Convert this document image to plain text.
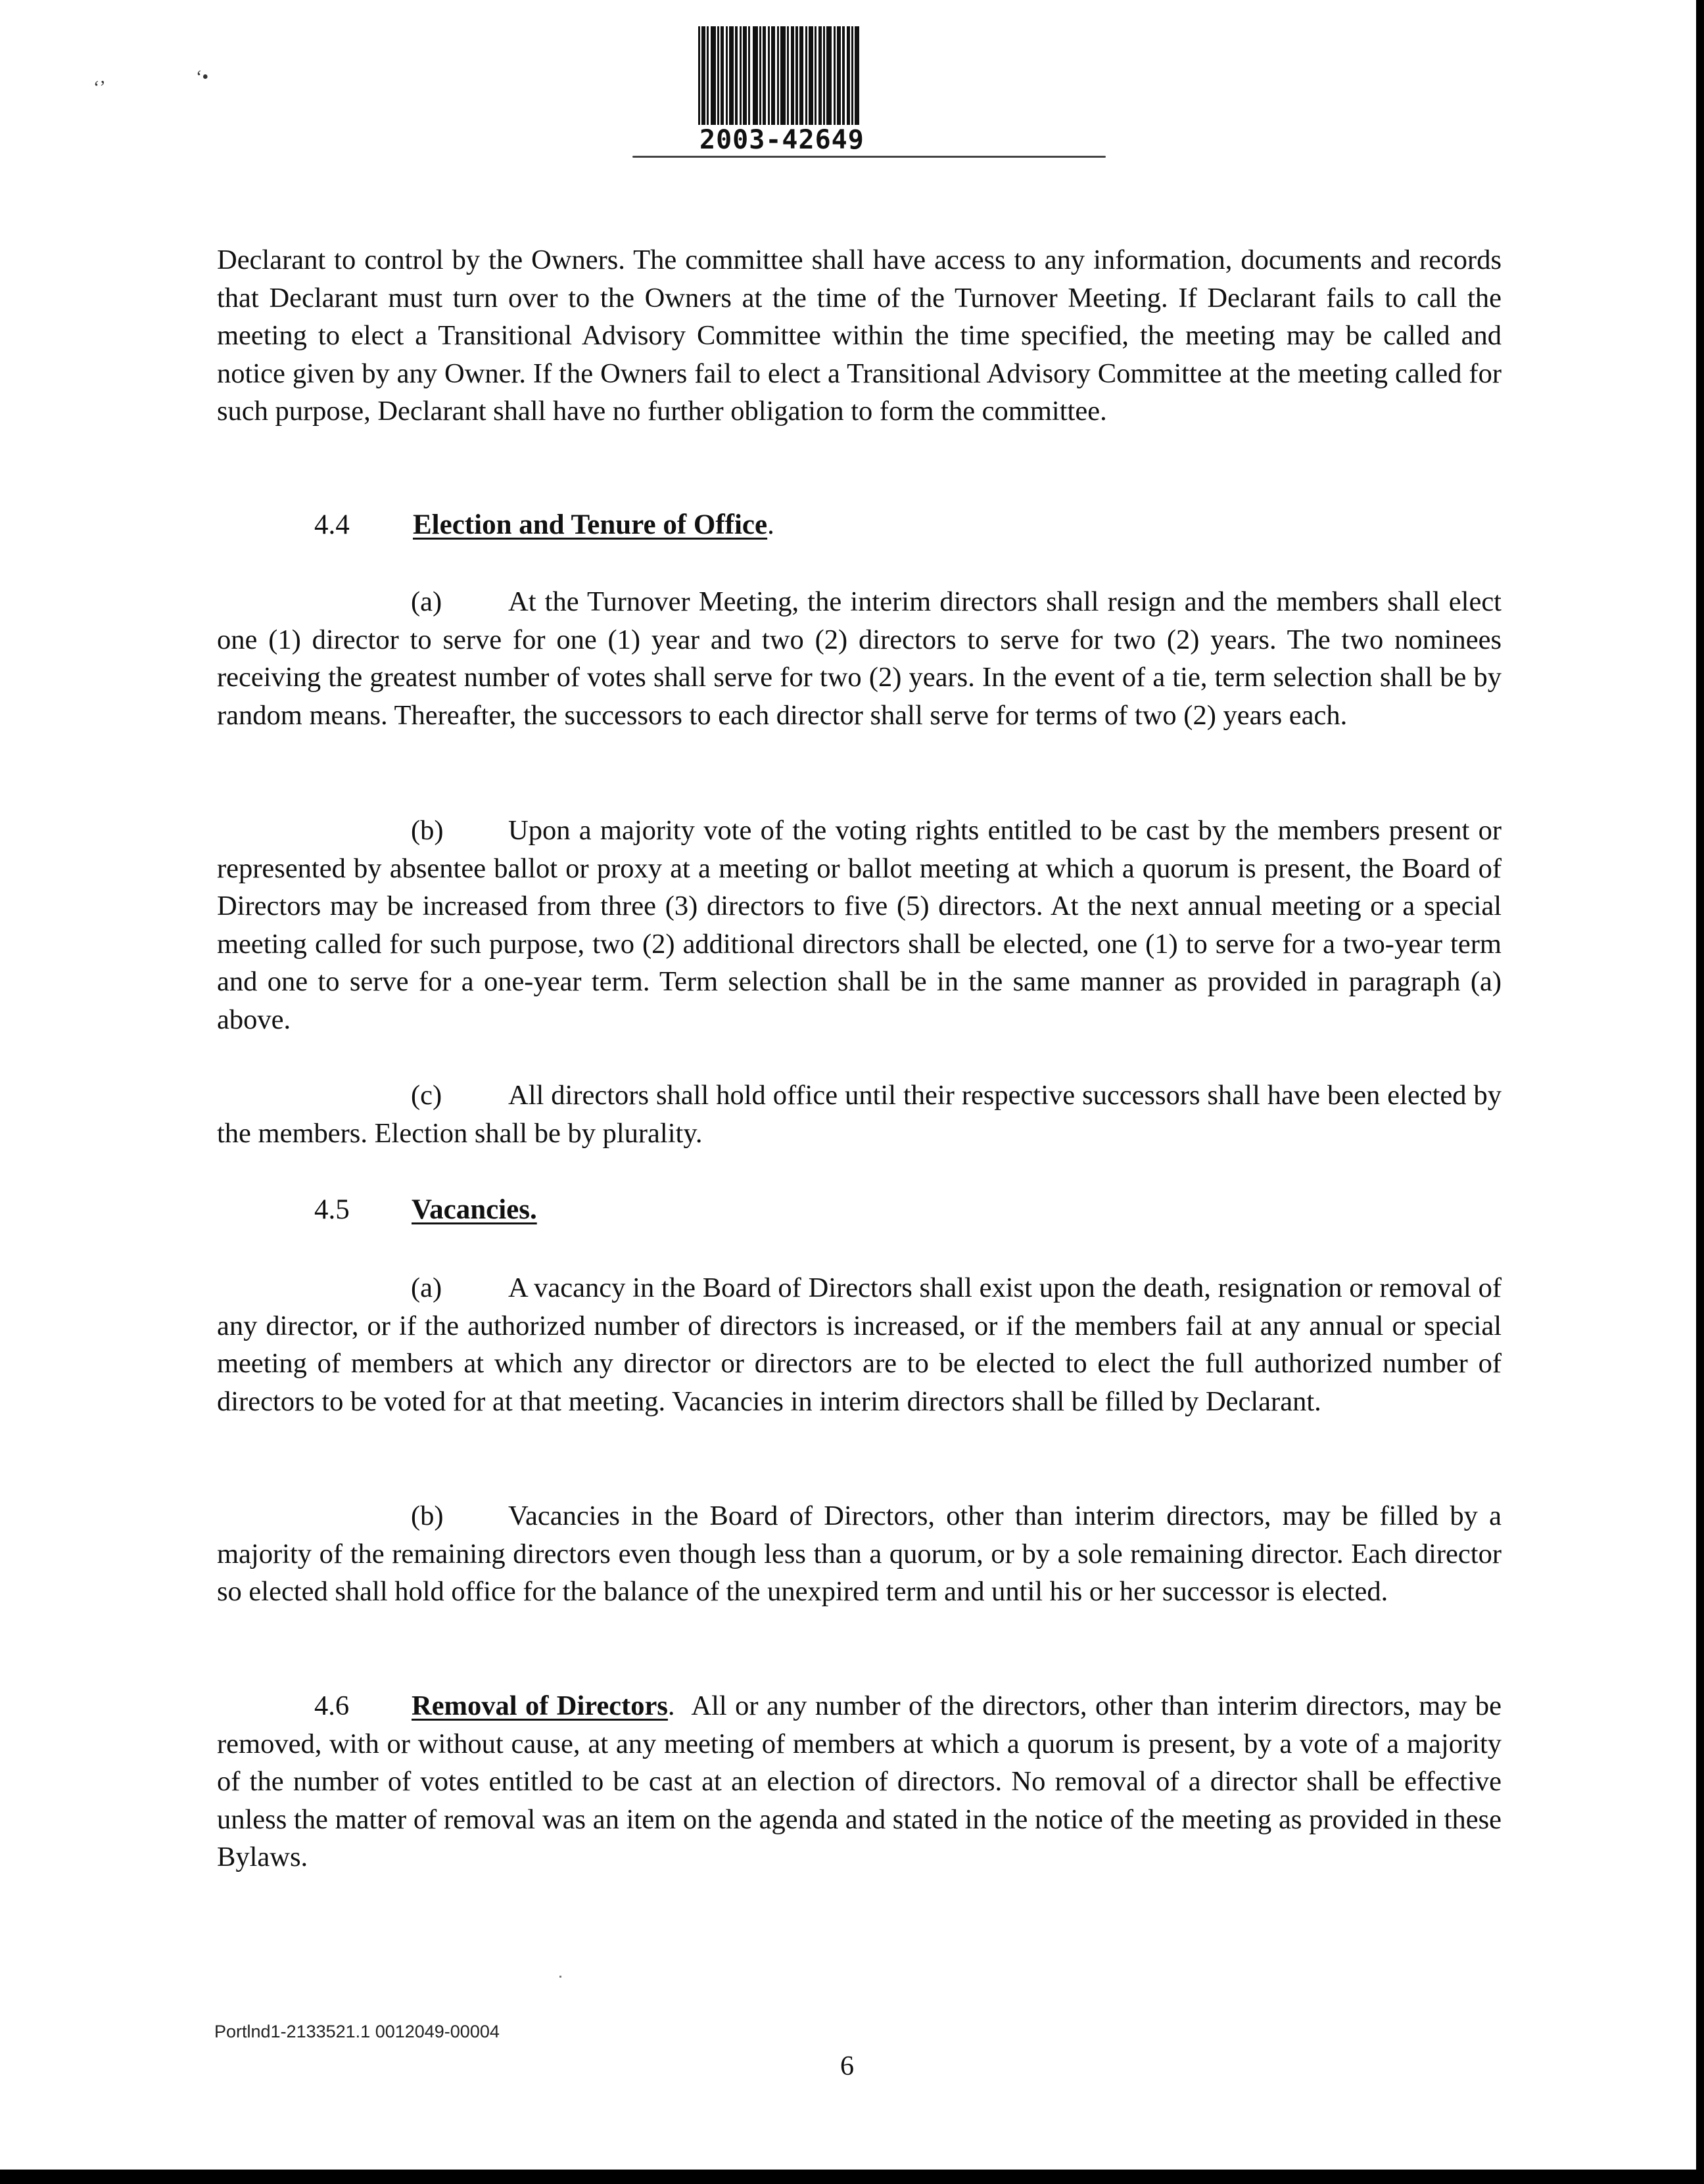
‘’
‘•
2003-42649

Declarant to control by the Owners. The committee shall have access to any information, documents and records that Declarant must turn over to the Owners at the time of the Turnover Meeting. If Declarant fails to call the meeting to elect a Transitional Advisory Committee within the time specified, the meeting may be called and notice given by any Owner. If the Owners fail to elect a Transitional Advisory Committee at the meeting called for such purpose, Declarant shall have no further obligation to form the committee.

4.4 Election and Tenure of Office.

(a) At the Turnover Meeting, the interim directors shall resign and the members shall elect one (1) director to serve for one (1) year and two (2) directors to serve for two (2) years. The two nominees receiving the greatest number of votes shall serve for two (2) years. In the event of a tie, term selection shall be by random means. Thereafter, the successors to each director shall serve for terms of two (2) years each.

(b) Upon a majority vote of the voting rights entitled to be cast by the members present or represented by absentee ballot or proxy at a meeting or ballot meeting at which a quorum is present, the Board of Directors may be increased from three (3) directors to five (5) directors. At the next annual meeting or a special meeting called for such purpose, two (2) additional directors shall be elected, one (1) to serve for a two-year term and one to serve for a one-year term. Term selection shall be in the same manner as provided in paragraph (a) above.

(c) All directors shall hold office until their respective successors shall have been elected by the members. Election shall be by plurality.

4.5 Vacancies.

(a) A vacancy in the Board of Directors shall exist upon the death, resignation or removal of any director, or if the authorized number of directors is increased, or if the members fail at any annual or special meeting of members at which any director or directors are to be elected to elect the full authorized number of directors to be voted for at that meeting. Vacancies in interim directors shall be filled by Declarant.

(b) Vacancies in the Board of Directors, other than interim directors, may be filled by a majority of the remaining directors even though less than a quorum, or by a sole remaining director. Each director so elected shall hold office for the balance of the unexpired term and until his or her successor is elected.

4.6 Removal of Directors. All or any number of the directors, other than interim directors, may be removed, with or without cause, at any meeting of members at which a quorum is present, by a vote of a majority of the number of votes entitled to be cast at an election of directors. No removal of a director shall be effective unless the matter of removal was an item on the agenda and stated in the notice of the meeting as provided in these Bylaws.

Portlnd1-2133521.1 0012049-00004
6
